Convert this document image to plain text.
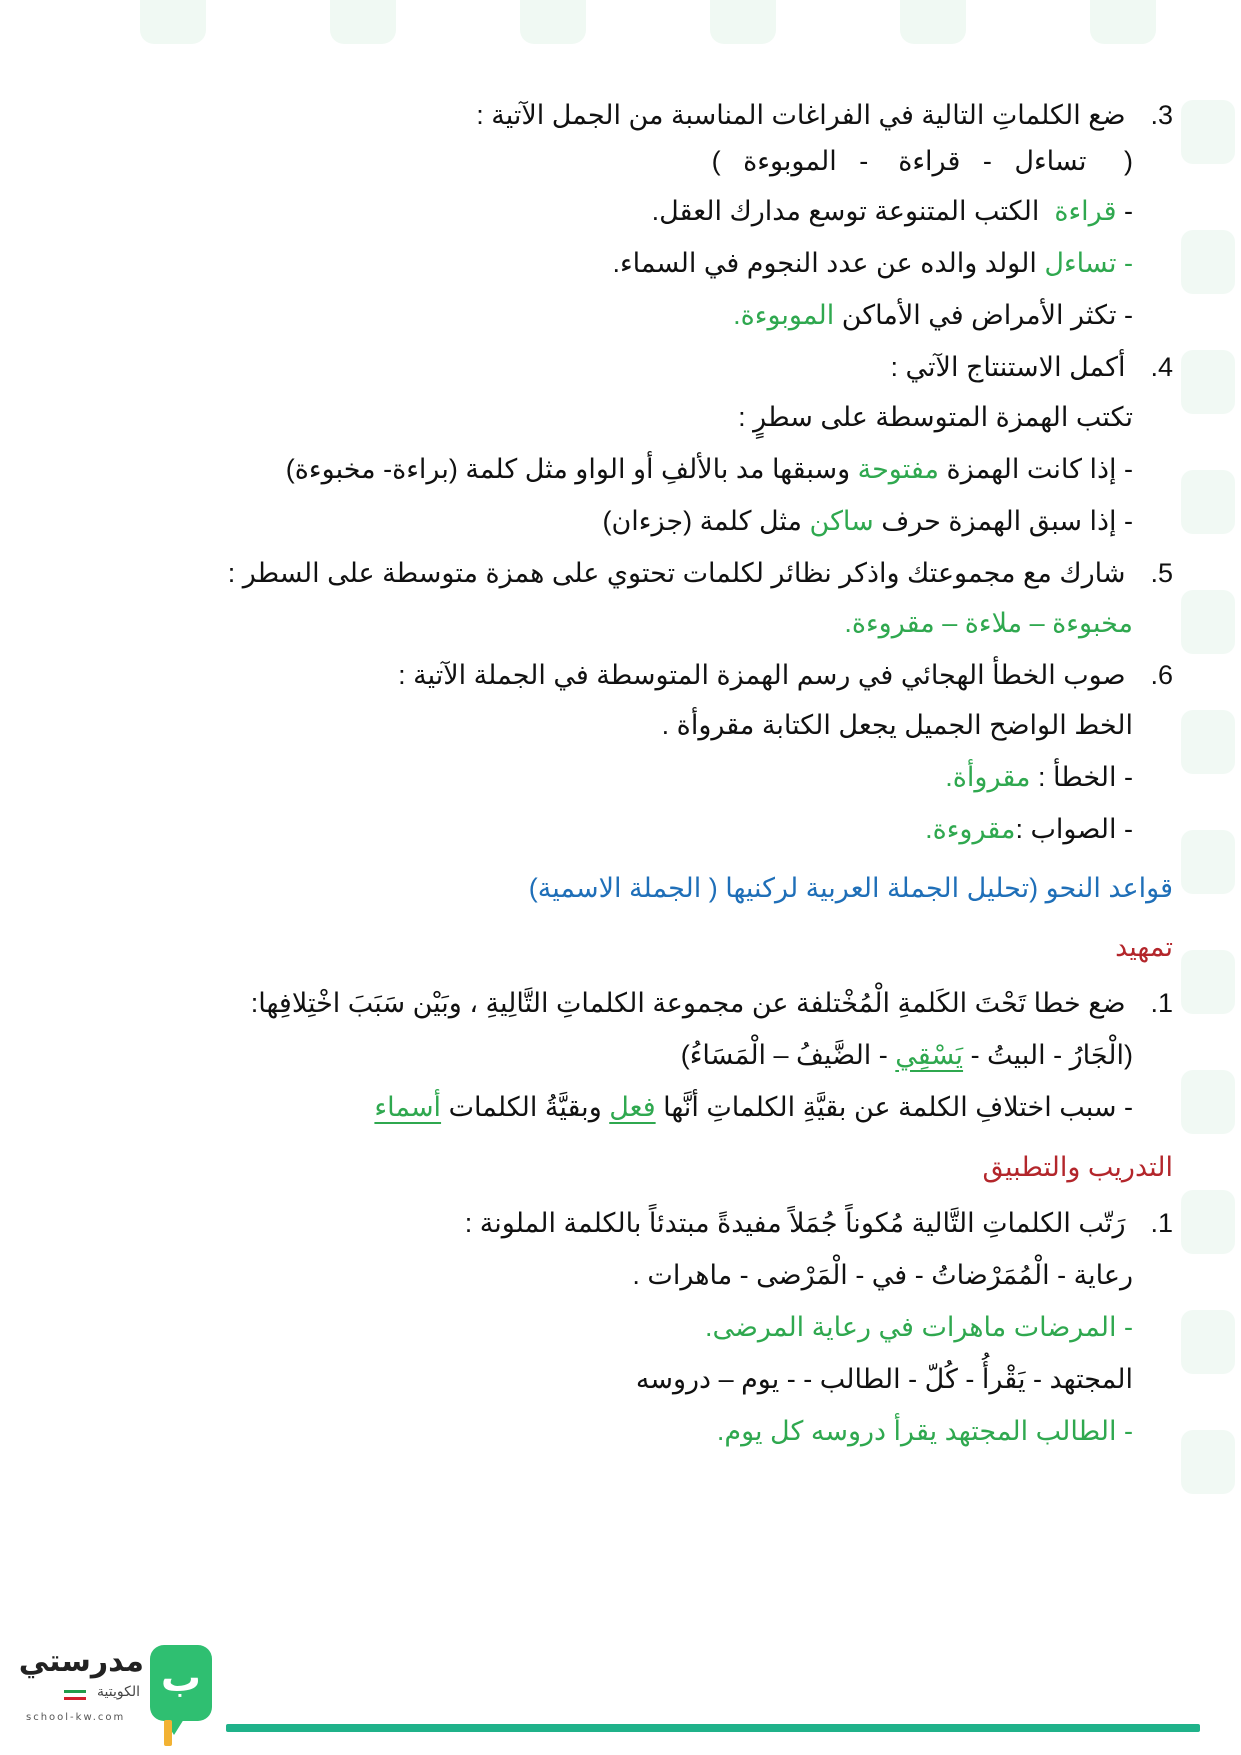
3. ضع الكلماتِ التالية في الفراغات المناسبة من الجمل الآتية :
(     تساءل   -   قراءة    -   الموبوءة   )
- قراءة  الكتب المتنوعة توسع مدارك العقل.
- تساءل الولد والده عن عدد النجوم في السماء.
- تكثر الأمراض في الأماكن الموبوءة.
4. أكمل الاستنتاج الآتي :
تكتب الهمزة المتوسطة على سطرٍ :
- إذا كانت الهمزة مفتوحة وسبقها مد بالألفِ أو الواو مثل كلمة (براءة- مخبوءة)
- إذا سبق الهمزة حرف ساكن مثل كلمة (جزءان)
5. شارك مع مجموعتك واذكر نظائر لكلمات تحتوي على همزة متوسطة على السطر :
مخبوءة – ملاءة – مقروءة.
6. صوب الخطأ الهجائي في رسم الهمزة المتوسطة في الجملة الآتية :
الخط الواضح الجميل يجعل الكتابة مقروأة .
- الخطأ : مقروأة.
- الصواب :مقروءة.
قواعد النحو (تحليل الجملة العربية لركنيها ( الجملة الاسمية)
تمهيد
1. ضع خطا تَحْتَ الكَلمةِ الْمُخْتلفة عن مجموعة الكلماتِ التَّالِيةِ ، وبَيْن سَبَبَ اخْتِلافِها:
(الْجَارُ - البيتُ - يَسْقِي - الضَّيفُ – الْمَسَاءُ)
- سبب اختلافِ الكلمة عن بقيَّةِ الكلماتِ أنَّها فعل وبقيَّةُ الكلمات أسماء
التدريب والتطبيق
1. رَتّب الكلماتِ التَّالية مُكوناً جُمَلاً مفيدةً مبتدئاً بالكلمة الملونة :
رعاية - الْمُمَرْضاتُ - في - الْمَرْضى - ماهرات .
- المرضات ماهرات في رعاية المرضى.
المجتهد - يَقْرأُ - كُلّ - الطالب - - يوم – دروسه
- الطالب المجتهد يقرأ دروسه كل يوم.
مدرستي
الكويتية
school-kw.com
ب
